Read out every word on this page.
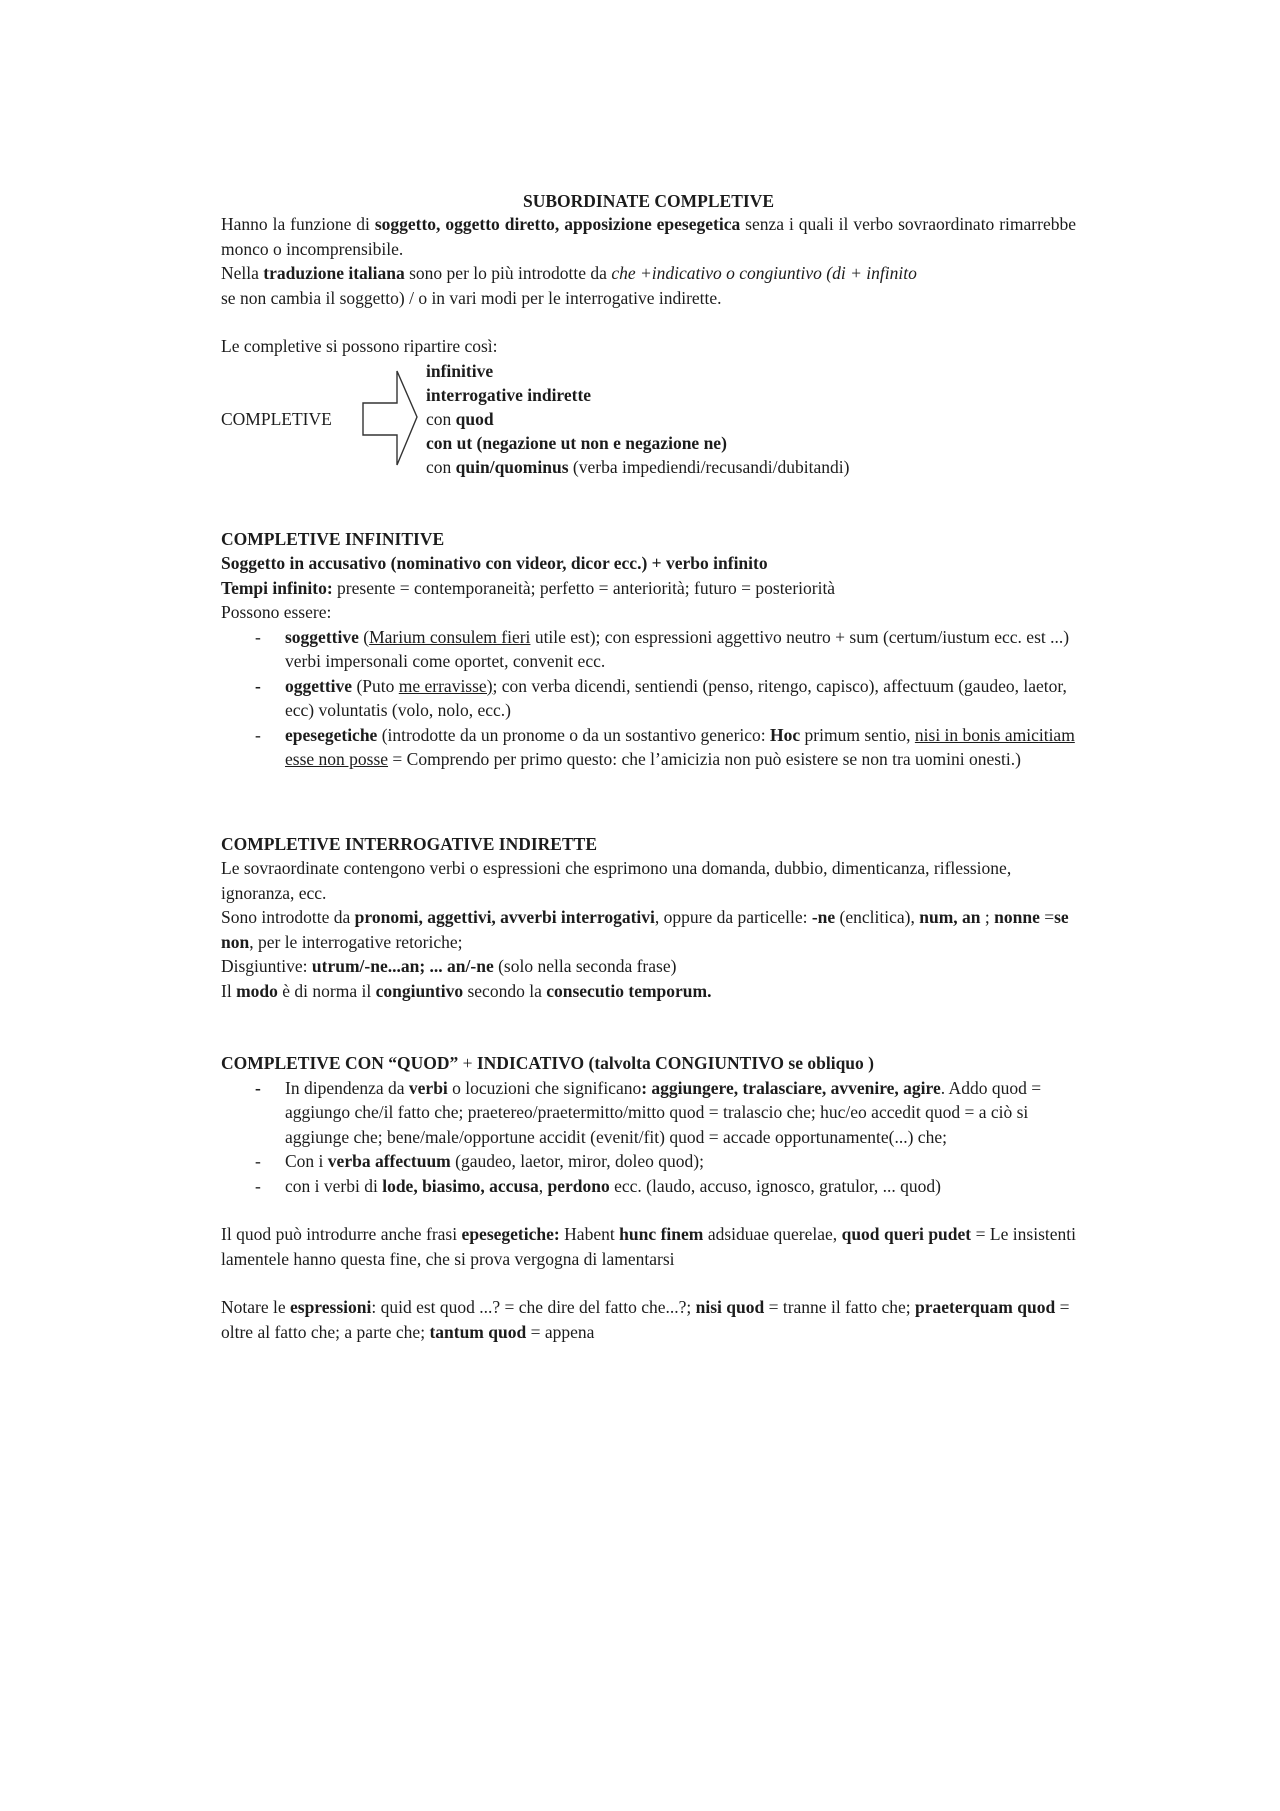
SUBORDINATE COMPLETIVE

Hanno la funzione di soggetto, oggetto diretto, apposizione epesegetica senza i quali il verbo sovraordinato rimarrebbe monco o incomprensibile.

Nella traduzione italiana sono per lo più introdotte da che +indicativo o congiuntivo (di + infinito

se non cambia il soggetto) / o in vari modi per le interrogative indirette.

Le completive si possono ripartire così:

COMPLETIVE
infinitive
interrogative indirette
con quod
con ut (negazione ut non e negazione ne)
con quin/quominus (verba impediendi/recusandi/dubitandi)

COMPLETIVE INFINITIVE

Soggetto in accusativo (nominativo con videor, dicor ecc.) + verbo infinito

Tempi infinito: presente = contemporaneità; perfetto = anteriorità; futuro = posteriorità

Possono essere:

- soggettive (Marium consulem fieri utile est); con espressioni aggettivo neutro + sum (certum/iustum ecc. est ...) verbi impersonali come oportet, convenit ecc.
- oggettive (Puto me erravisse); con verba dicendi, sentiendi (penso, ritengo, capisco), affectuum (gaudeo, laetor, ecc) voluntatis (volo, nolo, ecc.)
- epesegetiche (introdotte da un pronome o da un sostantivo generico: Hoc primum sentio, nisi in bonis amicitiam esse non posse = Comprendo per primo questo: che l’amicizia non può esistere se non tra uomini onesti.)

COMPLETIVE INTERROGATIVE INDIRETTE

Le sovraordinate contengono verbi o espressioni che esprimono una domanda, dubbio, dimenticanza, riflessione, ignoranza, ecc.

Sono introdotte da pronomi, aggettivi, avverbi interrogativi, oppure da particelle: -ne (enclitica), num, an ; nonne =se non, per le interrogative retoriche;

Disgiuntive: utrum/-ne...an; ... an/-ne (solo nella seconda frase)

Il modo è di norma il congiuntivo secondo la consecutio temporum.

COMPLETIVE CON “QUOD” + INDICATIVO (talvolta CONGIUNTIVO se obliquo )

- In dipendenza da verbi o locuzioni che significano: aggiungere, tralasciare, avvenire, agire. Addo quod = aggiungo che/il fatto che; praetereo/praetermitto/mitto quod = tralascio che; huc/eo accedit quod = a ciò si aggiunge che; bene/male/opportune accidit (evenit/fit) quod = accade opportunamente(...) che;
- Con i verba affectuum (gaudeo, laetor, miror, doleo quod);
- con i verbi di lode, biasimo, accusa, perdono ecc. (laudo, accuso, ignosco, gratulor, ... quod)

Il quod può introdurre anche frasi epesegetiche: Habent hunc finem adsiduae querelae, quod queri pudet = Le insistenti lamentele hanno questa fine, che si prova vergogna di lamentarsi

Notare le espressioni: quid est quod ...? = che dire del fatto che...?; nisi quod = tranne il fatto che; praeterquam quod = oltre al fatto che; a parte che; tantum quod = appena
